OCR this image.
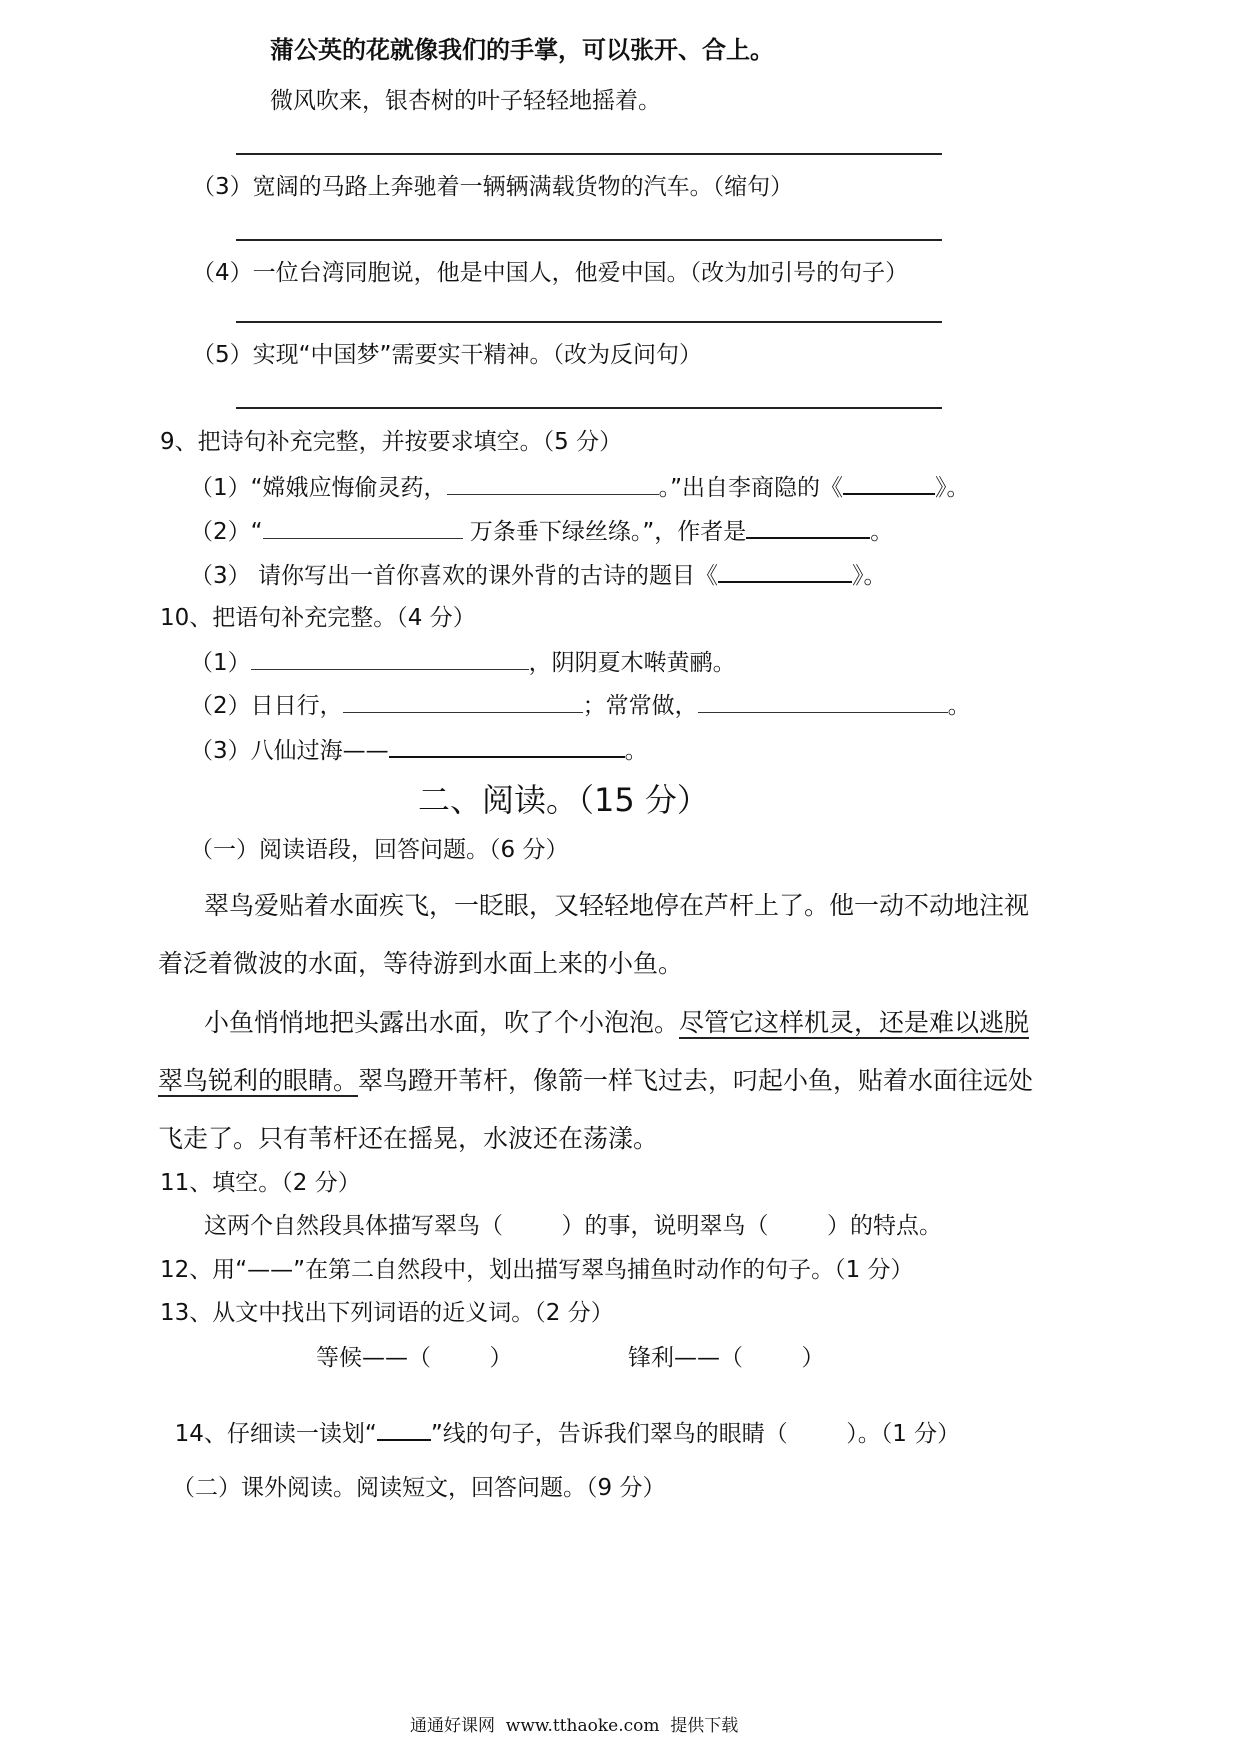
蒲公英的花就像我们的手掌，可以张开、合上。
微风吹来，银杏树的叶子轻轻地摇着。
（3）宽阔的马路上奔驰着一辆辆满载货物的汽车。（缩句）
（4）一位台湾同胞说，他是中国人，他爱中国。（改为加引号的句子）
（5）实现“中国梦”需要实干精神。（改为反问句）
9、把诗句补充完整，并按要求填空。（5 分）
（1）“嫦娥应悔偷灵药，	。”出自李商隐的《	》。
（2）“	万条垂下绿丝绦。”，作者是	。
（3） 请你写出一首你喜欢的课外背的古诗的题目《	》。
10、把语句补充完整。（4 分）
（1）	，阴阴夏木啭黄鹂。
（2）日日行，	；常常做，	。
（3）八仙过海——	。
二、阅读。（15 分）
（一）阅读语段，回答问题。（6 分）
翠鸟爱贴着水面疾飞，一眨眼，又轻轻地停在芦杆上了。他一动不动地注视
着泛着微波的水面，等待游到水面上来的小鱼。
小鱼悄悄地把头露出水面，吹了个小泡泡。尽管它这样机灵，还是难以逃脱
翠鸟锐利的眼睛。翠鸟蹬开苇杆，像箭一样飞过去，叼起小鱼，贴着水面往远处
飞走了。只有苇杆还在摇晃，水波还在荡漾。
11、填空。（2 分）
这两个自然段具体描写翠鸟（        ）的事，说明翠鸟（        ）的特点。
12、用“——”在第二自然段中，划出描写翠鸟捕鱼时动作的句子。（1 分）
13、从文中找出下列词语的近义词。（2 分）
等候——（        ）	锋利——（        ）

14、仔细读一读划“ ”线的句子，告诉我们翠鸟的眼睛（        ）。（1 分）

（二）课外阅读。阅读短文，回答问题。（9 分）
通通好课网  www.tthaoke.com  提供下载
